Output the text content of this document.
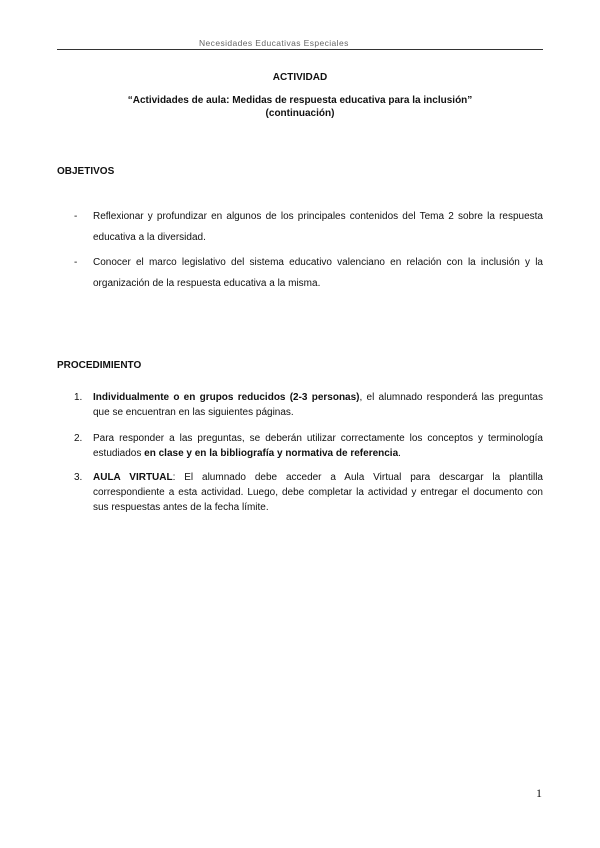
Necesidades Educativas Especiales
ACTIVIDAD
“Actividades de aula: Medidas de respuesta educativa para la inclusión”
(continuación)
OBJETIVOS
- Reflexionar y profundizar en algunos de los principales contenidos del Tema 2 sobre la respuesta educativa a la diversidad.
- Conocer el marco legislativo del sistema educativo valenciano en relación con la inclusión y la organización de la respuesta educativa a la misma.
PROCEDIMIENTO
1. Individualmente o en grupos reducidos (2-3 personas), el alumnado responderá las preguntas que se encuentran en las siguientes páginas.
2. Para responder a las preguntas, se deberán utilizar correctamente los conceptos y terminología estudiados en clase y en la bibliografía y normativa de referencia.
3. AULA VIRTUAL: El alumnado debe acceder a Aula Virtual para descargar la plantilla correspondiente a esta actividad. Luego, debe completar la actividad y entregar el documento con sus respuestas antes de la fecha límite.
1
